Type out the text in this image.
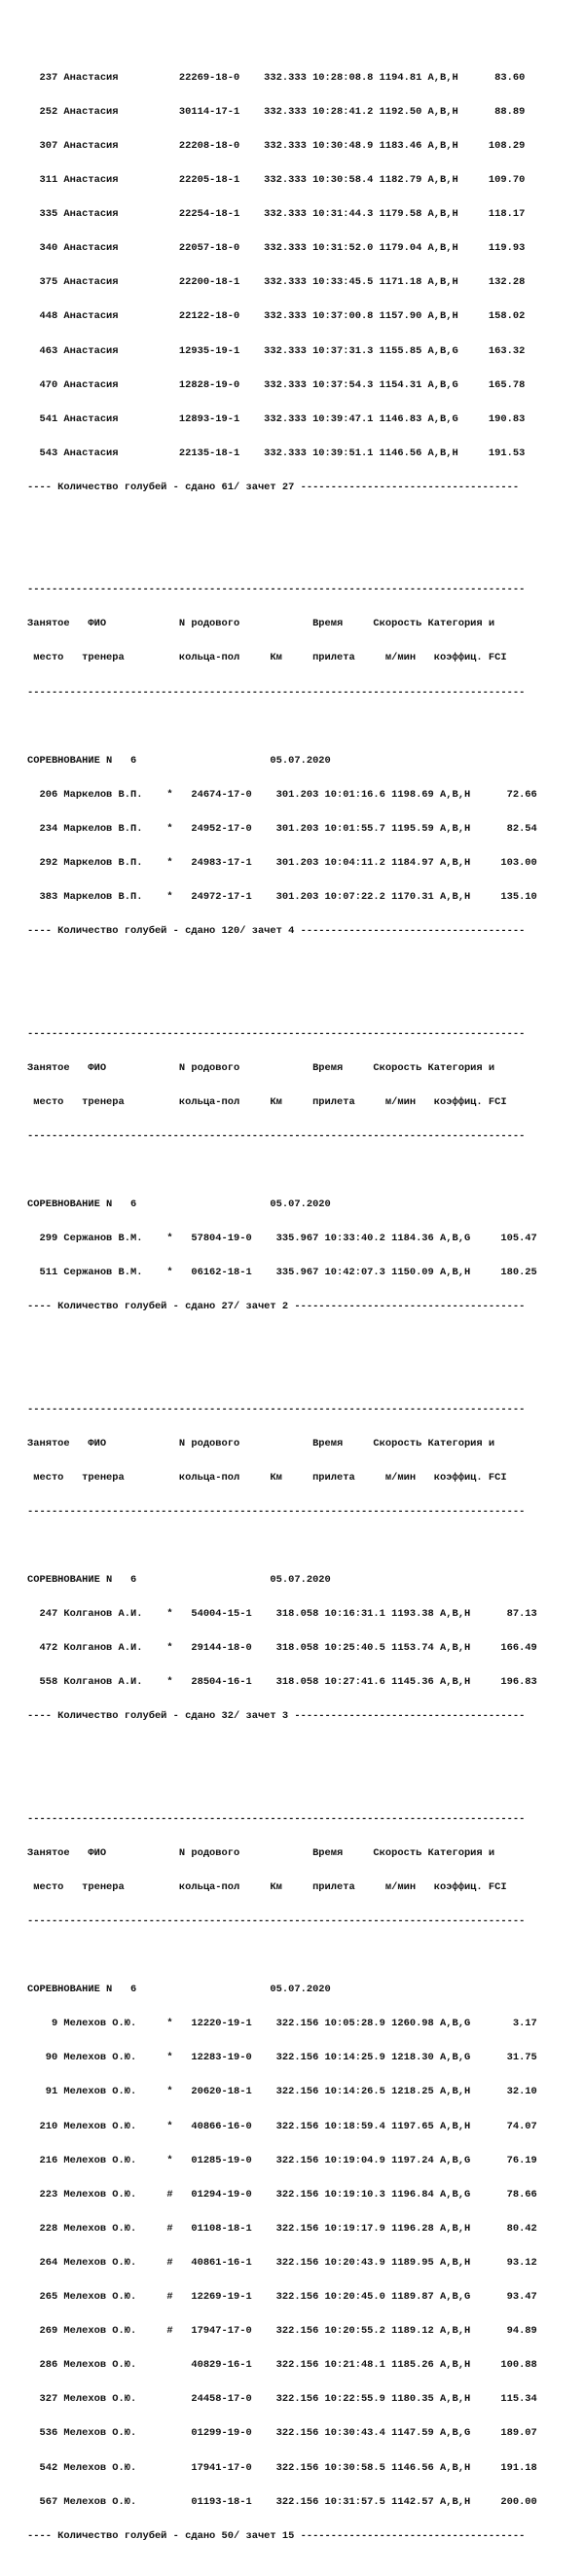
237 Анастасия          22269-18-0    332.333 10:28:08.8 1194.81 A,B,H      83.60

252 Анастасия          30114-17-1    332.333 10:28:41.2 1192.50 A,B,H      88.89

307 Анастасия          22208-18-0    332.333 10:30:48.9 1183.46 A,B,H     108.29

311 Анастасия          22205-18-1    332.333 10:30:58.4 1182.79 A,B,H     109.70

335 Анастасия          22254-18-1    332.333 10:31:44.3 1179.58 A,B,H     118.17

340 Анастасия          22057-18-0    332.333 10:31:52.0 1179.04 A,B,H     119.93

375 Анастасия          22200-18-1    332.333 10:33:45.5 1171.18 A,B,H     132.28

448 Анастасия          22122-18-0    332.333 10:37:00.8 1157.90 A,B,H     158.02

463 Анастасия          12935-19-1    332.333 10:37:31.3 1155.85 A,B,G     163.32

470 Анастасия          12828-19-0    332.333 10:37:54.3 1154.31 A,B,G     165.78

541 Анастасия          12893-19-1    332.333 10:39:47.1 1146.83 A,B,G     190.83

543 Анастасия          22135-18-1    332.333 10:39:51.1 1146.56 A,B,H     191.53

---- Количество голубей - сдано 61/ зачет 27 ------------------------------------

----------------------------------------------------------------------------------

Занятое   ФИО            N родового            Время     Скорость Категория и

место   тренера         кольца-пол     Км     прилета     м/мин   коэффиц. FCI

----------------------------------------------------------------------------------

СОРЕВНОВАНИЕ N   6                      05.07.2020

206 Маркелов В.П.    *   24674-17-0    301.203 10:01:16.6 1198.69 A,B,H      72.66

234 Маркелов В.П.    *   24952-17-0    301.203 10:01:55.7 1195.59 A,B,H      82.54

292 Маркелов В.П.    *   24983-17-1    301.203 10:04:11.2 1184.97 A,B,H     103.00

383 Маркелов В.П.    *   24972-17-1    301.203 10:07:22.2 1170.31 A,B,H     135.10

---- Количество голубей - сдано 120/ зачет 4 -------------------------------------

----------------------------------------------------------------------------------

Занятое   ФИО            N родового            Время     Скорость Категория и

место   тренера         кольца-пол     Км     прилета     м/мин   коэффиц. FCI

----------------------------------------------------------------------------------

СОРЕВНОВАНИЕ N   6                      05.07.2020

299 Сержанов В.М.    *   57804-19-0    335.967 10:33:40.2 1184.36 A,B,G     105.47

511 Сержанов В.М.    *   06162-18-1    335.967 10:42:07.3 1150.09 A,B,H     180.25

---- Количество голубей - сдано 27/ зачет 2 --------------------------------------

----------------------------------------------------------------------------------

Занятое   ФИО            N родового            Время     Скорость Категория и

место   тренера         кольца-пол     Км     прилета     м/мин   коэффиц. FCI

----------------------------------------------------------------------------------

СОРЕВНОВАНИЕ N   6                      05.07.2020

247 Колганов А.И.    *   54004-15-1    318.058 10:16:31.1 1193.38 A,B,H      87.13

472 Колганов А.И.    *   29144-18-0    318.058 10:25:40.5 1153.74 A,B,H     166.49

558 Колганов А.И.    *   28504-16-1    318.058 10:27:41.6 1145.36 A,B,H     196.83

---- Количество голубей - сдано 32/ зачет 3 --------------------------------------

----------------------------------------------------------------------------------

Занятое   ФИО            N родового            Время     Скорость Категория и

место   тренера         кольца-пол     Км     прилета     м/мин   коэффиц. FCI

----------------------------------------------------------------------------------

СОРЕВНОВАНИЕ N   6                      05.07.2020

9 Мелехов О.Ю.     *   12220-19-1    322.156 10:05:28.9 1260.98 A,B,G       3.17

90 Мелехов О.Ю.     *   12283-19-0    322.156 10:14:25.9 1218.30 A,B,G      31.75

91 Мелехов О.Ю.     *   20620-18-1    322.156 10:14:26.5 1218.25 A,B,H      32.10

210 Мелехов О.Ю.     *   40866-16-0    322.156 10:18:59.4 1197.65 A,B,H      74.07

216 Мелехов О.Ю.     *   01285-19-0    322.156 10:19:04.9 1197.24 A,B,G      76.19

223 Мелехов О.Ю.     #   01294-19-0    322.156 10:19:10.3 1196.84 A,B,G      78.66

228 Мелехов О.Ю.     #   01108-18-1    322.156 10:19:17.9 1196.28 A,B,H      80.42

264 Мелехов О.Ю.     #   40861-16-1    322.156 10:20:43.9 1189.95 A,B,H      93.12

265 Мелехов О.Ю.     #   12269-19-1    322.156 10:20:45.0 1189.87 A,B,G      93.47

269 Мелехов О.Ю.     #   17947-17-0    322.156 10:20:55.2 1189.12 A,B,H      94.89

286 Мелехов О.Ю.         40829-16-1    322.156 10:21:48.1 1185.26 A,B,H     100.88

327 Мелехов О.Ю.         24458-17-0    322.156 10:22:55.9 1180.35 A,B,H     115.34

536 Мелехов О.Ю.         01299-19-0    322.156 10:30:43.4 1147.59 A,B,G     189.07

542 Мелехов О.Ю.         17941-17-0    322.156 10:30:58.5 1146.56 A,B,H     191.18

567 Мелехов О.Ю.         01193-18-1    322.156 10:31:57.5 1142.57 A,B,H     200.00

---- Количество голубей - сдано 50/ зачет 15 -------------------------------------
